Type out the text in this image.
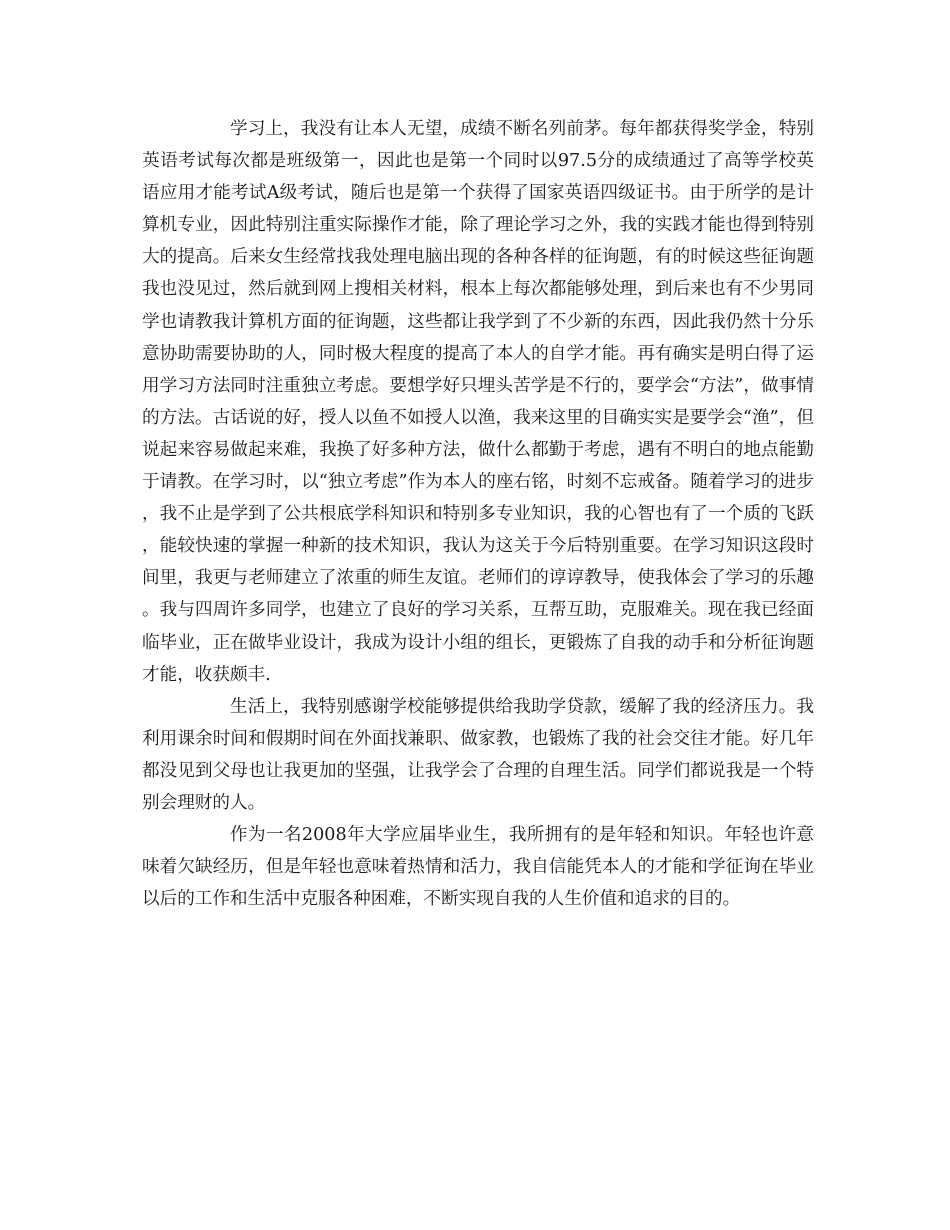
学习上，我没有让本人无望，成绩不断名列前茅。每年都获得奖学金，特别英语考试每次都是班级第一，因此也是第一个同时以97.5分的成绩通过了高等学校英语应用才能考试A级考试，随后也是第一个获得了国家英语四级证书。由于所学的是计算机专业，因此特别注重实际操作才能，除了理论学习之外，我的实践才能也得到特别大的提高。后来女生经常找我处理电脑出现的各种各样的征询题，有的时候这些征询题我也没见过，然后就到网上搜相关材料，根本上每次都能够处理，到后来也有不少男同学也请教我计算机方面的征询题，这些都让我学到了不少新的东西，因此我仍然十分乐意协助需要协助的人，同时极大程度的提高了本人的自学才能。再有确实是明白得了运用学习方法同时注重独立考虑。要想学好只埋头苦学是不行的，要学会“方法”，做事情的方法。古话说的好，授人以鱼不如授人以渔，我来这里的目确实实是要学会“渔”，但说起来容易做起来难，我换了好多种方法，做什么都勤于考虑，遇有不明白的地点能勤于请教。在学习时，以“独立考虑”作为本人的座右铭，时刻不忘戒备。随着学习的进步，我不止是学到了公共根底学科知识和特别多专业知识，我的心智也有了一个质的飞跃，能较快速的掌握一种新的技术知识，我认为这关于今后特别重要。在学习知识这段时间里，我更与老师建立了浓重的师生友谊。老师们的谆谆教导，使我体会了学习的乐趣。我与四周许多同学，也建立了良好的学习关系，互帮互助，克服难关。现在我已经面临毕业，正在做毕业设计，我成为设计小组的组长，更锻炼了自我的动手和分析征询题才能，收获颇丰.

生活上，我特别感谢学校能够提供给我助学贷款，缓解了我的经济压力。我利用课余时间和假期时间在外面找兼职、做家教，也锻炼了我的社会交往才能。好几年都没见到父母也让我更加的坚强，让我学会了合理的自理生活。同学们都说我是一个特别会理财的人。

作为一名2008年大学应届毕业生，我所拥有的是年轻和知识。年轻也许意味着欠缺经历，但是年轻也意味着热情和活力，我自信能凭本人的才能和学征询在毕业以后的工作和生活中克服各种困难，不断实现自我的人生价值和追求的目的。
